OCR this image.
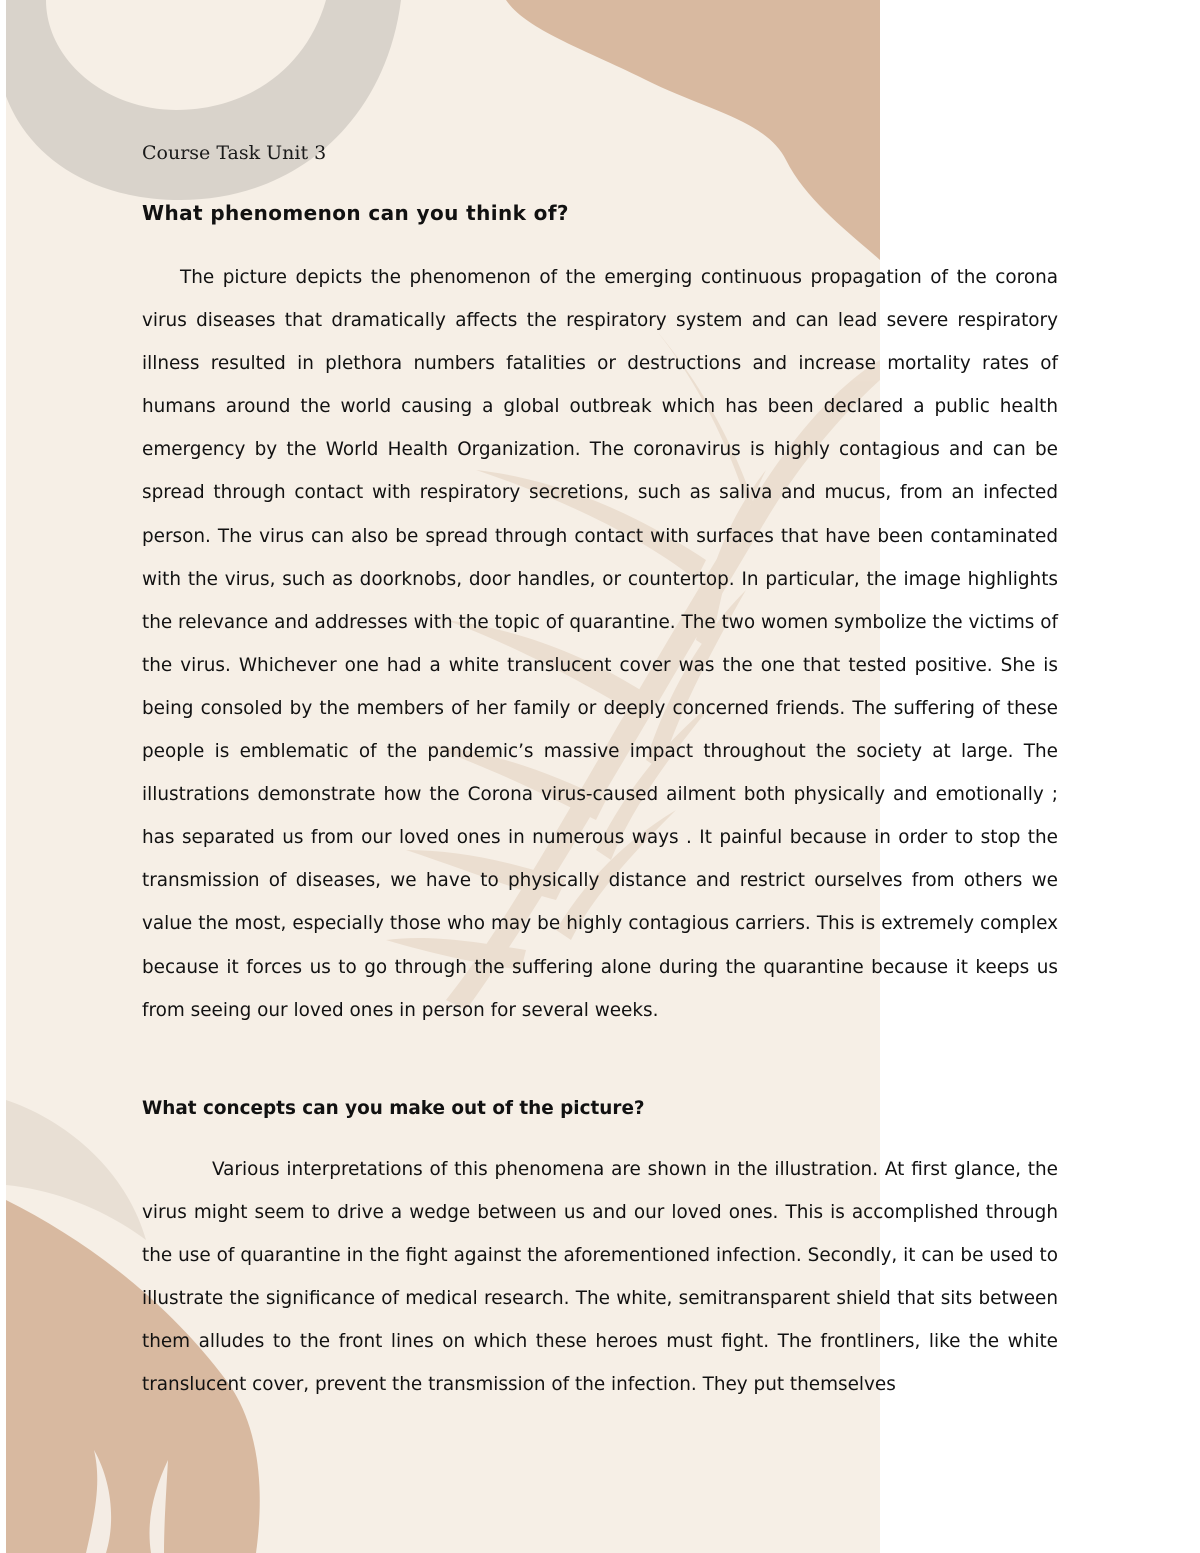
Course Task Unit 3

What phenomenon can you think of?

The picture depicts the phenomenon of the emerging continuous propagation of the corona virus diseases that dramatically affects the respiratory system and can lead severe respiratory illness resulted in plethora numbers fatalities or destructions and increase mortality rates of humans around the world causing a global outbreak which has been declared a public health emergency by the World Health Organization. The coronavirus is highly contagious and can be spread through contact with respiratory secretions, such as saliva and mucus, from an infected person. The virus can also be spread through contact with surfaces that have been contaminated with the virus, such as doorknobs, door handles, or countertop. In particular, the image highlights the relevance and addresses with the topic of quarantine. The two women symbolize the victims of the virus. Whichever one had a white translucent cover was the one that tested positive. She is being consoled by the members of her family or deeply concerned friends. The suffering of these people is emblematic of the pandemic’s massive impact throughout the society at large. The illustrations demonstrate how the Corona virus-caused ailment both physically and emotionally ; has separated us from our loved ones in numerous ways . It painful because in order to stop the transmission of diseases, we have to physically distance and restrict ourselves from others we value the most, especially those who may be highly contagious carriers. This is extremely complex because it forces us to go through the suffering alone during the quarantine because it keeps us from seeing our loved ones in person for several weeks.

What concepts can you make out of the picture?

Various interpretations of this phenomena are shown in the illustration. At first glance, the virus might seem to drive a wedge between us and our loved ones. This is accomplished through the use of quarantine in the fight against the aforementioned infection. Secondly, it can be used to illustrate the significance of medical research. The white, semitransparent shield that sits between them alludes to the front lines on which these heroes must fight. The frontliners, like the white translucent cover, prevent the transmission of the infection. They put themselves
